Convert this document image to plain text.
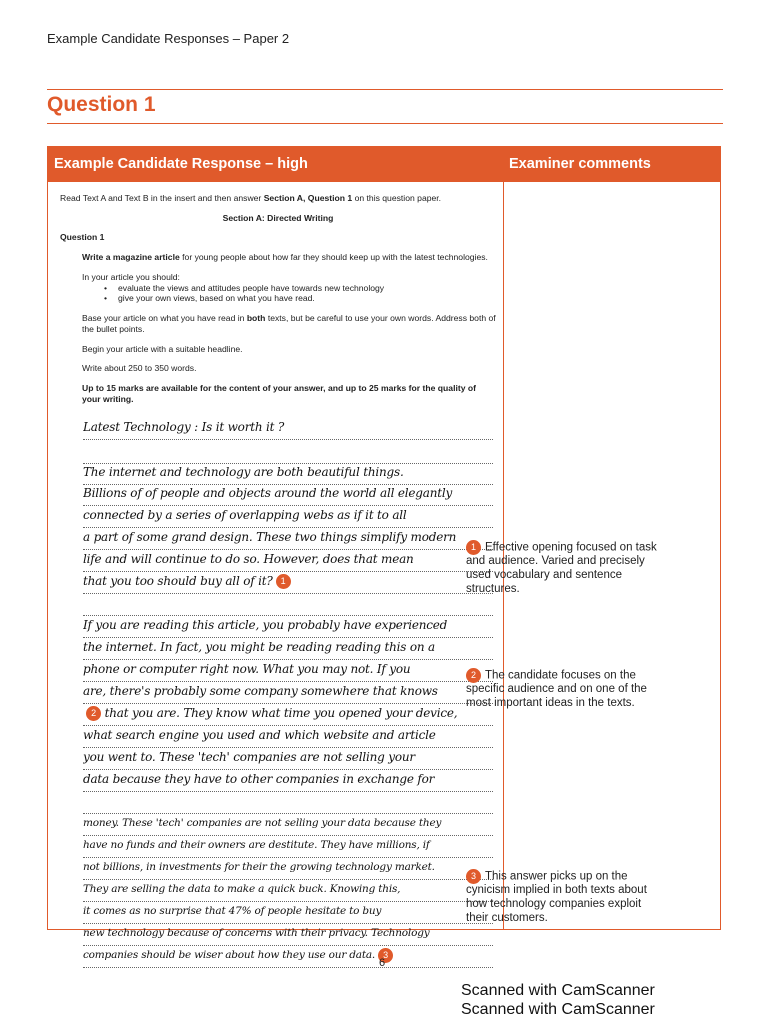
Example Candidate Responses – Paper 2
Question 1
Example Candidate Response – high	Examiner comments

Read Text A and Text B in the insert and then answer Section A, Question 1 on this question paper.

Section A: Directed Writing

Question 1

Write a magazine article for young people about how far they should keep up with the latest technologies.

In your article you should:
• evaluate the views and attitudes people have towards new technology
• give your own views, based on what you have read.

Base your article on what you have read in both texts, but be careful to use your own words. Address both of the bullet points.

Begin your article with a suitable headline.

Write about 250 to 350 words.

Up to 15 marks are available for the content of your answer, and up to 25 marks for the quality of your writing.

Latest Technology : Is it worth it ?
The internet and technology are both beautiful things.
Billions of of people and objects around the world all elegantly
connected by a series of overlapping webs as if it to all
a part of some grand design. These two things simplify modern
life and will continue to do so. However, does that mean
that you too should buy all of it? 1
If you are reading this article, you probably have experienced
the internet. In fact, you might be reading reading this on a
phone or computer right now. What you may not. If you
are, there's probably some company somewhere that knows
2 that you are. They know what time you opened your device,
what search engine you used and which website and article
you went to. These 'tech' companies are not selling your
data because they have to other companies in exchange for
money. These 'tech' companies are not selling your data because they
have no funds and their owners are destitute. They have millions, if
not billions, in investments for their the growing technology market.
They are selling the data to make a quick buck. Knowing this,
it comes as no surprise that 47% of people hesitate to buy
new technology because of concerns with their privacy. Technology
companies should be wiser about how they use our data. 3
1 Effective opening focused on task and audience. Varied and precisely used vocabulary and sentence structures.
2 The candidate focuses on the specific audience and on one of the most important ideas in the texts.
3 This answer picks up on the cynicism implied in both texts about how technology companies exploit their customers.
6
Scanned with CamScanner
Scanned with CamScanner
